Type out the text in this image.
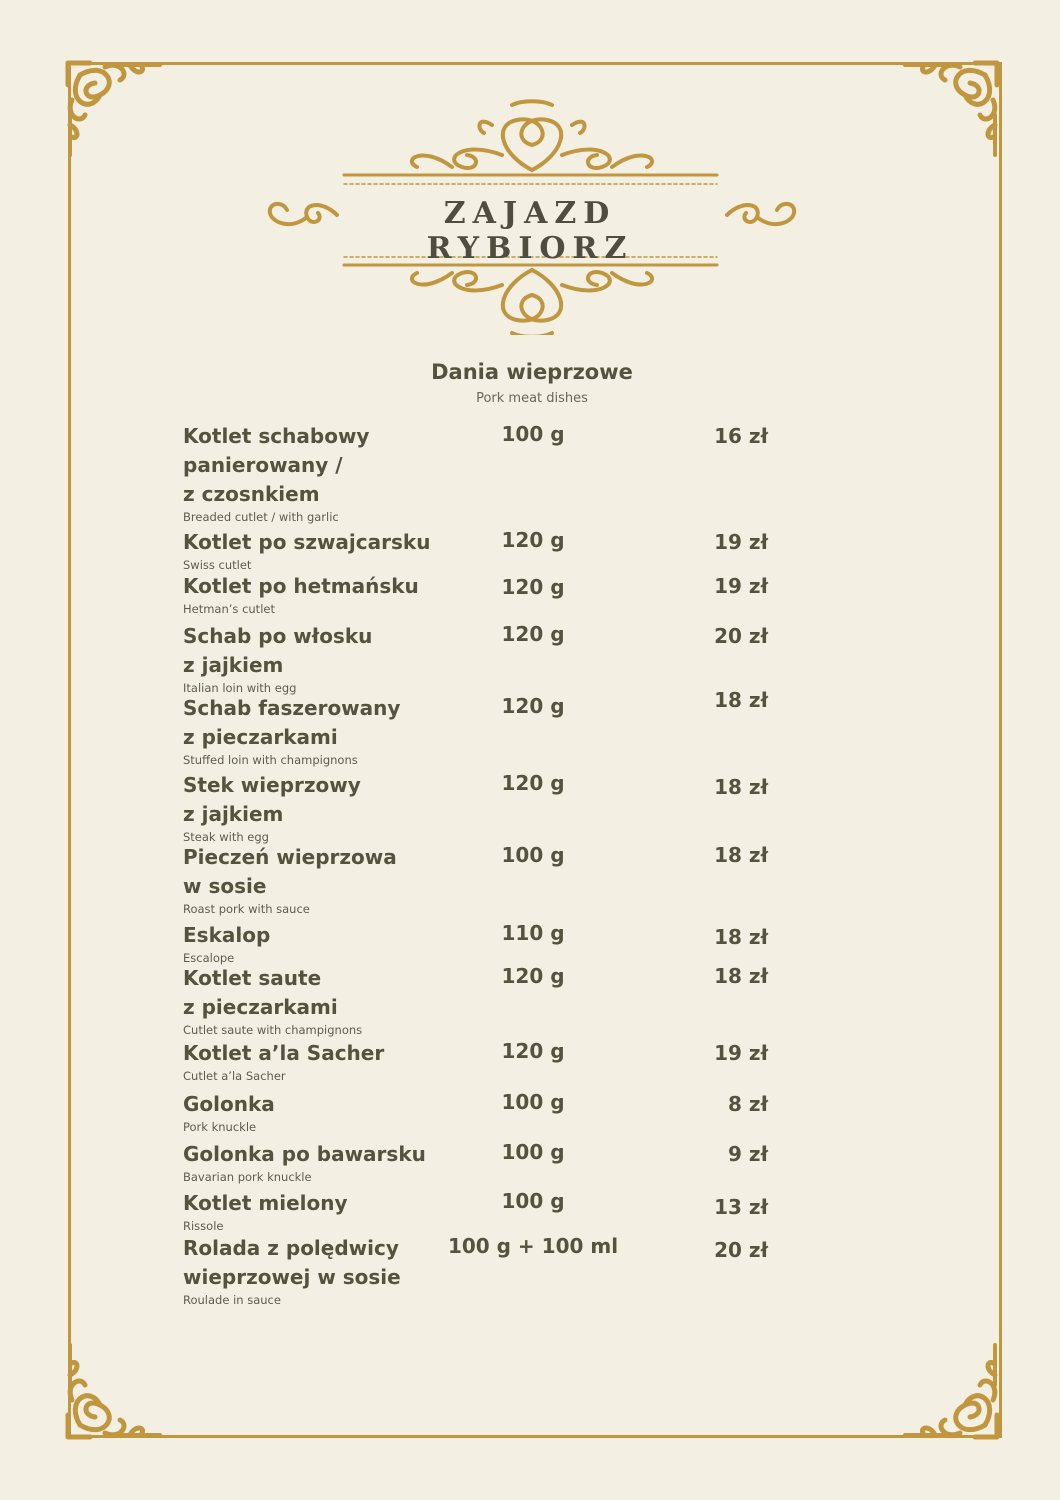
ZAJAZD RYBIORZ
Dania wieprzowe
Pork meat dishes
Kotlet schabowy
panierowany /
z czosnkiem
Breaded cutlet / with garlic
100 g	16 zł
Kotlet po szwajcarsku
Swiss cutlet
120 g	19 zł
Kotlet po hetmańsku
Hetman’s cutlet
120 g	19 zł
Schab po włosku
z jajkiem
Italian loin with egg
120 g	20 zł
Schab faszerowany
z pieczarkami
Stuffed loin with champignons
120 g	18 zł
Stek wieprzowy
z jajkiem
Steak with egg
120 g	18 zł
Pieczeń wieprzowa
w sosie
Roast pork with sauce
100 g	18 zł
Eskalop
Escalope
110 g	18 zł
Kotlet saute
z pieczarkami
Cutlet saute with champignons
120 g	18 zł
Kotlet a’la Sacher
Cutlet a’la Sacher
120 g	19 zł
Golonka
Pork knuckle
100 g	8 zł
Golonka po bawarsku
Bavarian pork knuckle
100 g	9 zł
Kotlet mielony
Rissole
100 g	13 zł
Rolada z polędwicy
wieprzowej w sosie
Roulade in sauce
100 g + 100 ml	20 zł
